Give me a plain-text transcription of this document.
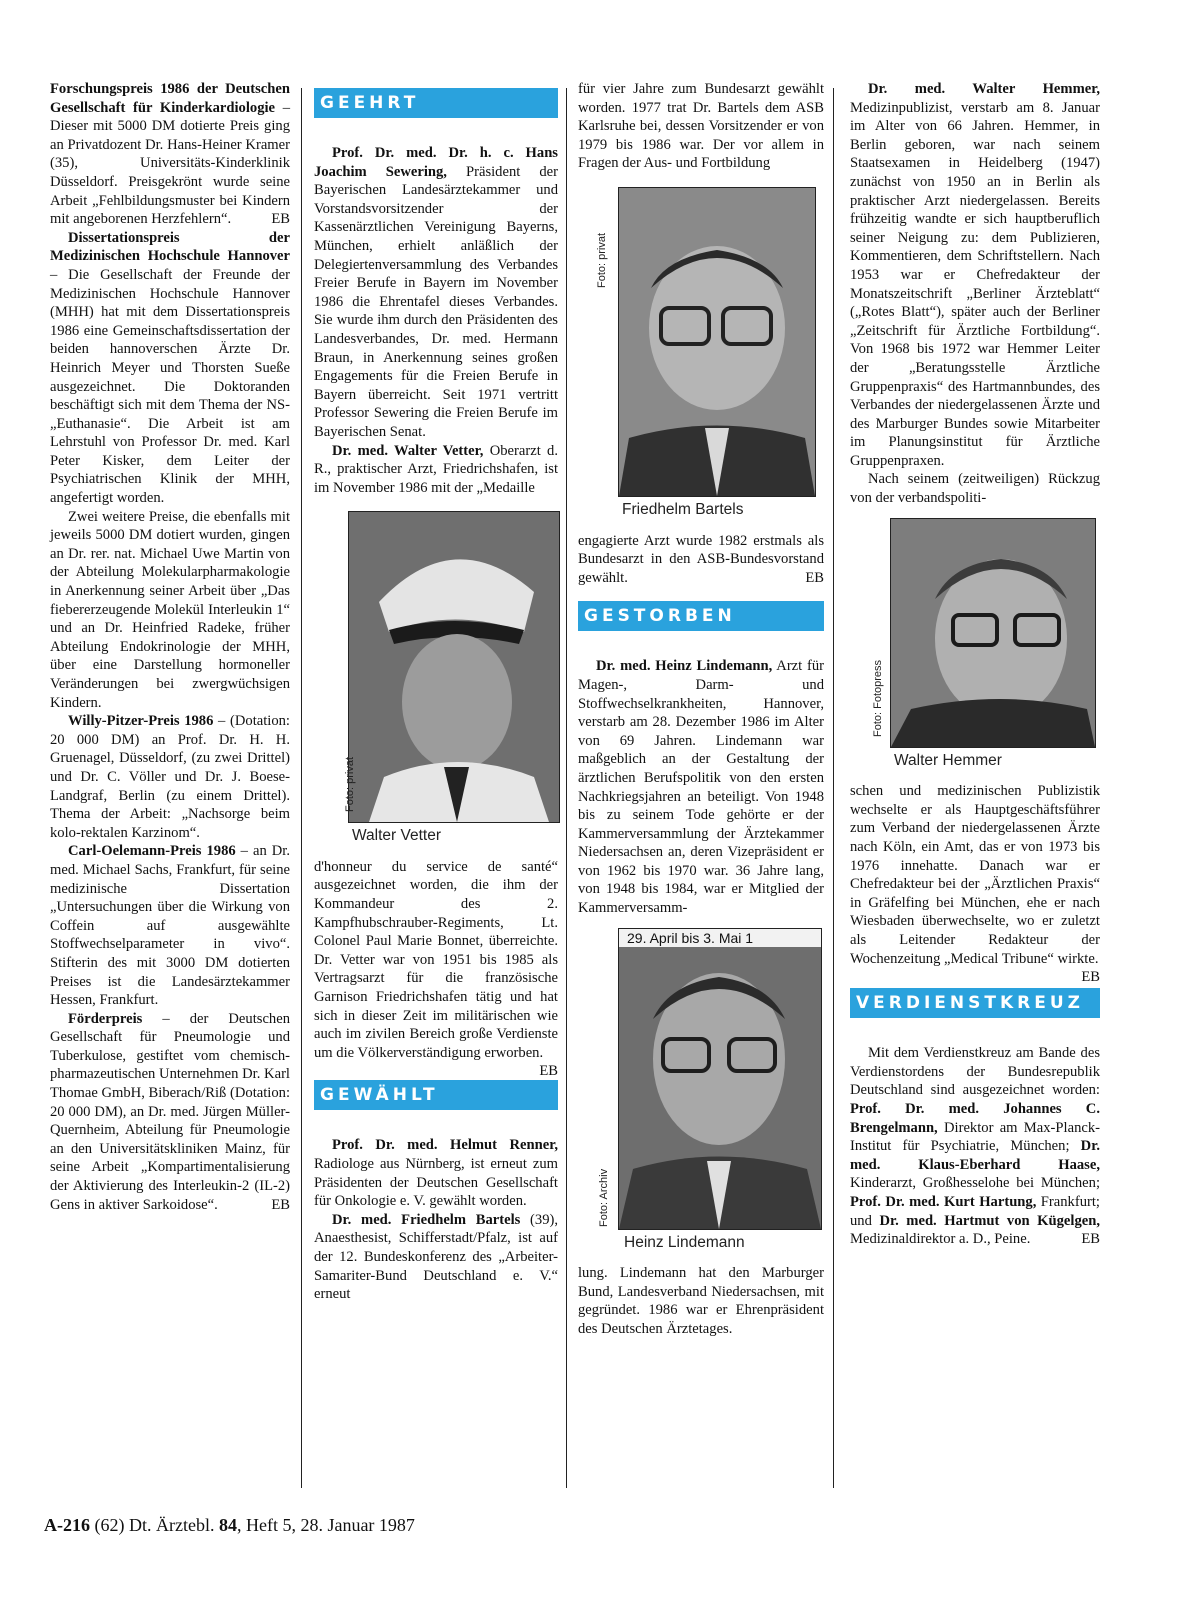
Forschungspreis 1986 der Deutschen Gesellschaft für Kinderkardiologie – Dieser mit 5000 DM dotierte Preis ging an Privatdozent Dr. Hans-Heiner Kramer (35), Universitäts-Kinderklinik Düsseldorf. Preisgekrönt wurde seine Arbeit „Fehlbildungsmuster bei Kindern mit angeborenen Herzfehlern“.	EB

Dissertationspreis der Medizinischen Hochschule Hannover – Die Gesellschaft der Freunde der Medizinischen Hochschule Hannover (MHH) hat mit dem Dissertationspreis 1986 eine Gemeinschaftsdissertation der beiden hannoverschen Ärzte Dr. Heinrich Meyer und Thorsten Sueße ausgezeichnet. Die Doktoranden beschäftigt sich mit dem Thema der NS-„Euthanasie“. Die Arbeit ist am Lehrstuhl von Professor Dr. med. Karl Peter Kisker, dem Leiter der Psychiatrischen Klinik der MHH, angefertigt worden.

Zwei weitere Preise, die ebenfalls mit jeweils 5000 DM dotiert wurden, gingen an Dr. rer. nat. Michael Uwe Martin von der Abteilung Molekularpharmakologie in Anerkennung seiner Arbeit über „Das fiebererzeugende Molekül Interleukin 1“ und an Dr. Heinfried Radeke, früher Abteilung Endokrinologie der MHH, über eine Darstellung hormoneller Veränderungen bei zwergwüchsigen Kindern.

Willy-Pitzer-Preis 1986 – (Dotation: 20 000 DM) an Prof. Dr. H. H. Gruenagel, Düsseldorf, (zu zwei Drittel) und Dr. C. Völler und Dr. J. Boese-Landgraf, Berlin (zu einem Drittel). Thema der Arbeit: „Nachsorge beim kolo-rektalen Karzinom“.

Carl-Oelemann-Preis 1986 – an Dr. med. Michael Sachs, Frankfurt, für seine medizinische Dissertation „Untersuchungen über die Wirkung von Coffein auf ausgewählte Stoffwechselparameter in vivo“. Stifterin des mit 3000 DM dotierten Preises ist die Landesärztekammer Hessen, Frankfurt.

Förderpreis – der Deutschen Gesellschaft für Pneumologie und Tuberkulose, gestiftet vom chemisch-pharmazeutischen Unternehmen Dr. Karl Thomae GmbH, Biberach/Riß (Dotation: 20 000 DM), an Dr. med. Jürgen Müller-Quernheim, Abteilung für Pneumologie an den Universitätskliniken Mainz, für seine Arbeit „Kompartimentalisierung der Aktivierung des Interleukin-2 (IL-2) Gens in aktiver Sarkoidose“.	EB

GEEHRT

Prof. Dr. med. Dr. h. c. Hans Joachim Sewering, Präsident der Bayerischen Landesärztekammer und Vorstandsvorsitzender der Kassenärztlichen Vereinigung Bayerns, München, erhielt anläßlich der Delegiertenversammlung des Verbandes Freier Berufe in Bayern im November 1986 die Ehrentafel dieses Verbandes. Sie wurde ihm durch den Präsidenten des Landesverbandes, Dr. med. Hermann Braun, in Anerkennung seines großen Engagements für die Freien Berufe in Bayern überreicht. Seit 1971 vertritt Professor Sewering die Freien Berufe im Bayerischen Senat.

Dr. med. Walter Vetter, Oberarzt d. R., praktischer Arzt, Friedrichshafen, ist im November 1986 mit der „Medaille

Foto: privat
Walter Vetter

d'honneur du service de santé“ ausgezeichnet worden, die ihm der Kommandeur des 2. Kampfhubschrauber-Regiments, Lt. Colonel Paul Marie Bonnet, überreichte. Dr. Vetter war von 1951 bis 1985 als Vertragsarzt für die französische Garnison Friedrichshafen tätig und hat sich in dieser Zeit im militärischen wie auch im zivilen Bereich große Verdienste um die Völkerverständigung erworben.
EB

GEWÄHLT

Prof. Dr. med. Helmut Renner, Radiologe aus Nürnberg, ist erneut zum Präsidenten der Deutschen Gesellschaft für Onkologie e. V. gewählt worden.

Dr. med. Friedhelm Bartels (39), Anaesthesist, Schifferstadt/Pfalz, ist auf der 12. Bundeskonferenz des „Arbeiter-Samariter-Bund Deutschland e. V.“ erneut

für vier Jahre zum Bundesarzt gewählt worden. 1977 trat Dr. Bartels dem ASB Karlsruhe bei, dessen Vorsitzender er von 1979 bis 1986 war. Der vor allem in Fragen der Aus- und Fortbildung

Foto: privat
Friedhelm Bartels

engagierte Arzt wurde 1982 erstmals als Bundesarzt in den ASB-Bundesvorstand gewählt.	EB

GESTORBEN

Dr. med. Heinz Lindemann, Arzt für Magen-, Darm- und Stoffwechselkrankheiten, Hannover, verstarb am 28. Dezember 1986 im Alter von 69 Jahren. Lindemann war maßgeblich an der Gestaltung der ärztlichen Berufspolitik von den ersten Nachkriegsjahren an beteiligt. Von 1948 bis zu seinem Tode gehörte er der Kammerversammlung der Ärztekammer Niedersachsen an, deren Vizepräsident er von 1962 bis 1970 war. 36 Jahre lang, von 1948 bis 1984, war er Mitglied der Kammerversamm-

29. April bis 3. Mai 1
Foto: Archiv
Heinz Lindemann

lung. Lindemann hat den Marburger Bund, Landesverband Niedersachsen, mit gegründet. 1986 war er Ehrenpräsident des Deutschen Ärztetages.

Dr. med. Walter Hemmer, Medizinpublizist, verstarb am 8. Januar im Alter von 66 Jahren. Hemmer, in Berlin geboren, war nach seinem Staatsexamen in Heidelberg (1947) zunächst von 1950 an in Berlin als praktischer Arzt niedergelassen. Bereits frühzeitig wandte er sich hauptberuflich seiner Neigung zu: dem Publizieren, Kommentieren, dem Schriftstellern. Nach 1953 war er Chefredakteur der Monatszeitschrift „Berliner Ärzteblatt“ („Rotes Blatt“), später auch der Berliner „Zeitschrift für Ärztliche Fortbildung“. Von 1968 bis 1972 war Hemmer Leiter der „Beratungsstelle Ärztliche Gruppenpraxis“ des Hartmannbundes, des Verbandes der niedergelassenen Ärzte und des Marburger Bundes sowie Mitarbeiter im Planungsinstitut für Ärztliche Gruppenpraxen.

Nach seinem (zeitweiligen) Rückzug von der verbandspoliti-

Foto: Fotopress
Walter Hemmer

schen und medizinischen Publizistik wechselte er als Hauptgeschäftsführer zum Verband der niedergelassenen Ärzte nach Köln, ein Amt, das er von 1973 bis 1976 innehatte. Danach war er Chefredakteur bei der „Ärztlichen Praxis“ in Gräfelfing bei München, ehe er nach Wiesbaden überwechselte, wo er zuletzt als Leitender Redakteur der Wochenzeitung „Medical Tribune“ wirkte.
EB

VERDIENSTKREUZ

Mit dem Verdienstkreuz am Bande des Verdienstordens der Bundesrepublik Deutschland sind ausgezeichnet worden: Prof. Dr. med. Johannes C. Brengelmann, Direktor am Max-Planck-Institut für Psychiatrie, München; Dr. med. Klaus-Eberhard Haase, Kinderarzt, Großhesselohe bei München; Prof. Dr. med. Kurt Hartung, Frankfurt; und Dr. med. Hartmut von Kügelgen, Medizinaldirektor a. D., Peine.	EB

A-216 (62) Dt. Ärztebl. 84, Heft 5, 28. Januar 1987
